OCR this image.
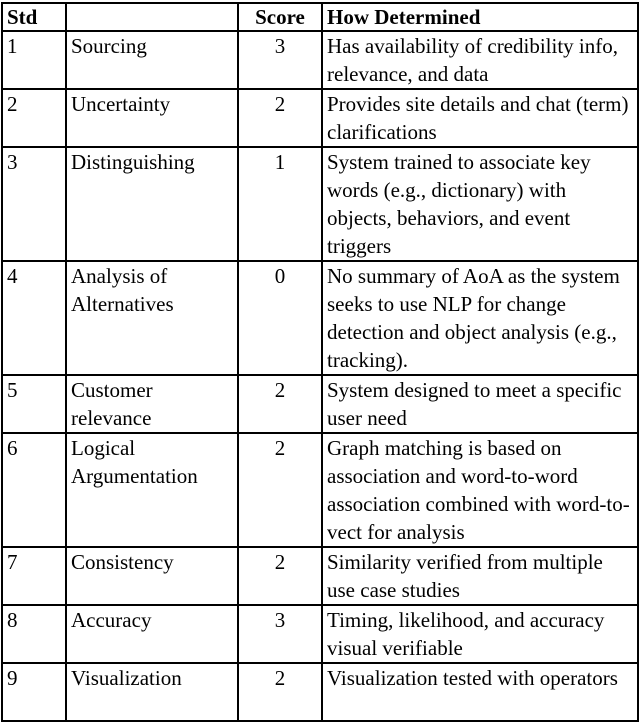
Std		Score	How Determined
1	Sourcing	3	Has availability of credibility info, relevance, and data
2	Uncertainty	2	Provides site details and chat (term) clarifications
3	Distinguishing	1	System trained to associate key words (e.g., dictionary) with objects, behaviors, and event triggers
4	Analysis of Alternatives	0	No summary of AoA as the system seeks to use NLP for change detection and object analysis (e.g., tracking).
5	Customer relevance	2	System designed to meet a specific user need
6	Logical Argumentation	2	Graph matching is based on association and word-to-word association combined with word-to-vect for analysis
7	Consistency	2	Similarity verified from multiple use case studies
8	Accuracy	3	Timing, likelihood, and accuracy visual verifiable
9	Visualization	2	Visualization tested with operators
